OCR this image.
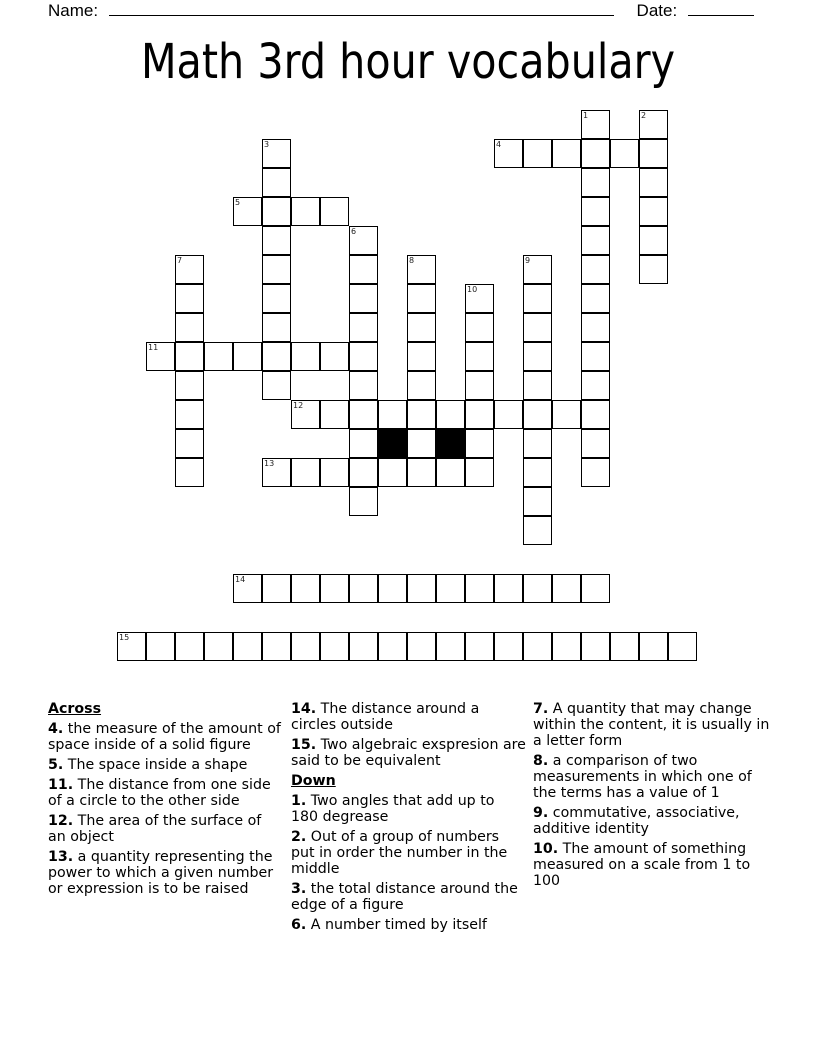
Name:	Date:
Math 3rd hour vocabulary
1	2
3	4
5
6
7	8	9
10
11
12
13
14
15
Across
4. the measure of the amount of space inside of a solid figure
5. The space inside a shape
11. The distance from one side of a circle to the other side
12. The area of the surface of an object
13. a quantity representing the power to which a given number or expression is to be raised
14. The distance around a circles outside
15. Two algebraic exspresion are said to be equivalent
Down
1. Two angles that add up to 180 degrease
2. Out of a group of numbers put in order the number in the middle
3. the total distance around the edge of a figure
6. A number timed by itself
7. A quantity that may change within the content, it is usually in a letter form
8. a comparison of two measurements in which one of the terms has a value of 1
9. commutative, associative, additive identity
10. The amount of something measured on a scale from 1 to 100
